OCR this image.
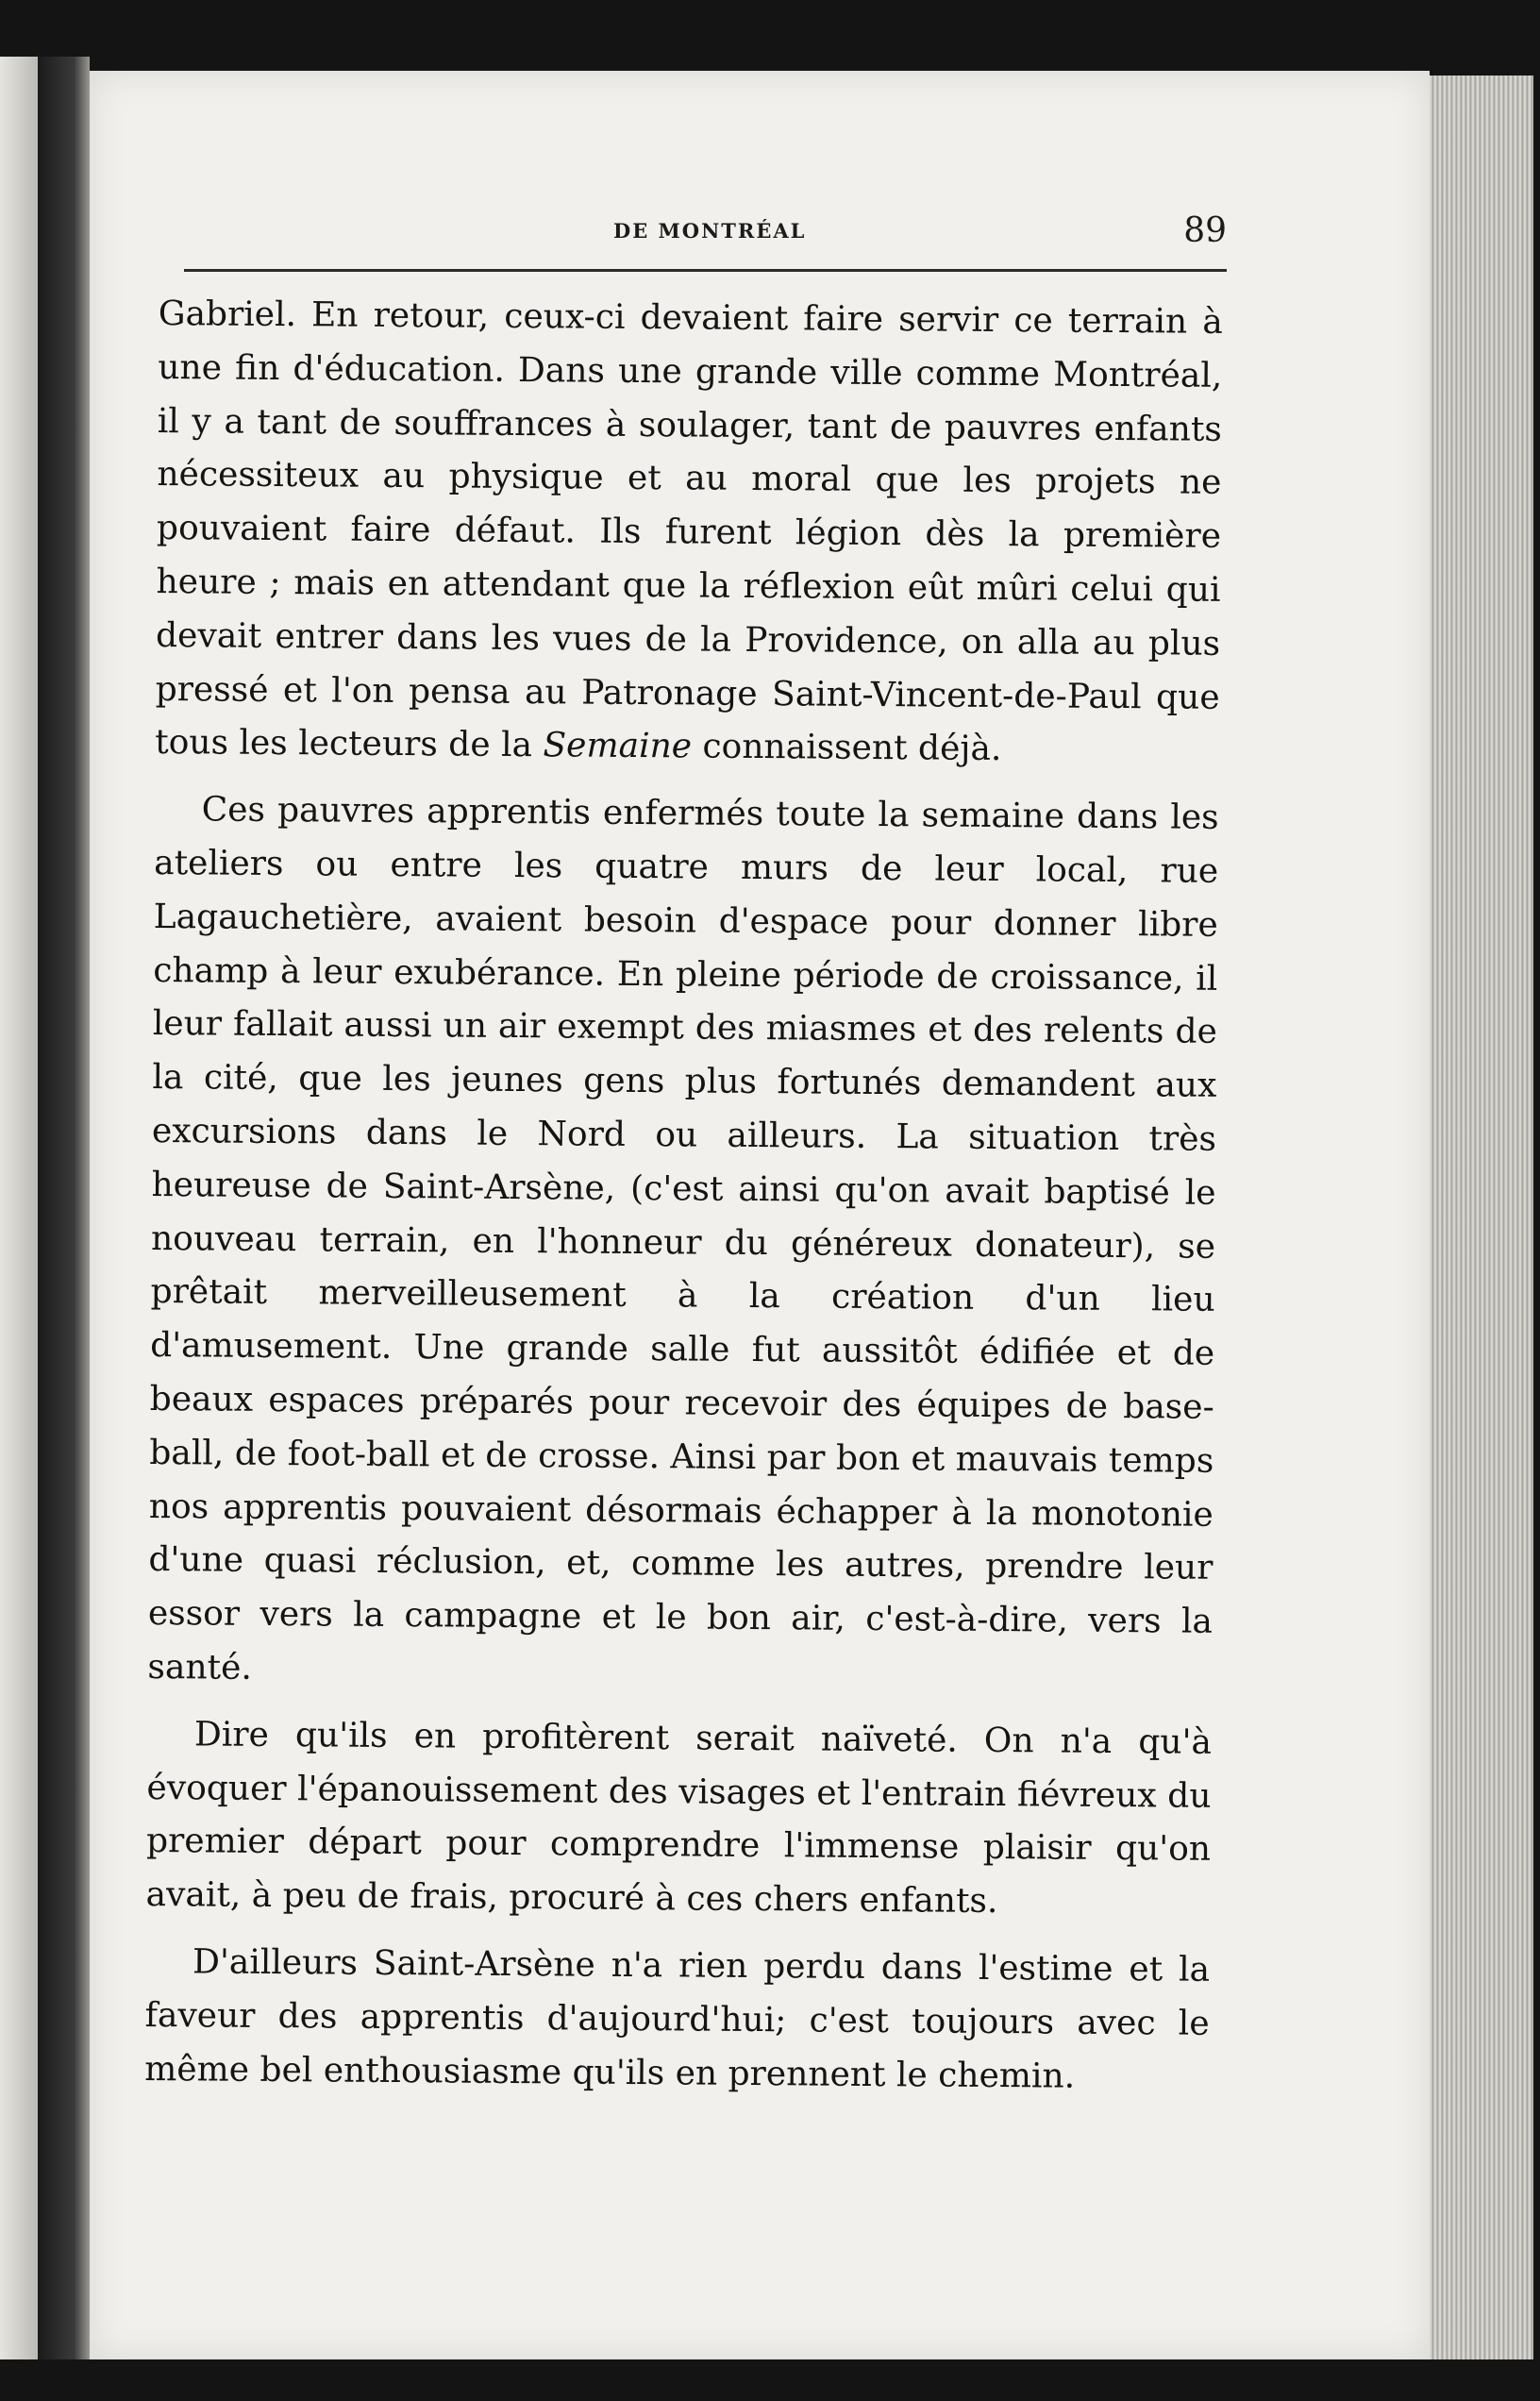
DE MONTRÉAL	89

Gabriel. En retour, ceux-ci devaient faire servir ce terrain à une fin d'éducation. Dans une grande ville comme Montréal, il y a tant de souffrances à soulager, tant de pauvres enfants nécessiteux au physique et au moral que les projets ne pouvaient faire défaut. Ils furent légion dès la première heure ; mais en attendant que la réflexion eût mûri celui qui devait entrer dans les vues de la Providence, on alla au plus pressé et l'on pensa au Patronage Saint-Vincent-de-Paul que tous les lecteurs de la Semaine connaissent déjà.

Ces pauvres apprentis enfermés toute la semaine dans les ateliers ou entre les quatre murs de leur local, rue Lagauchetière, avaient besoin d'espace pour donner libre champ à leur exubérance. En pleine période de croissance, il leur fallait aussi un air exempt des miasmes et des relents de la cité, que les jeunes gens plus fortunés demandent aux excursions dans le Nord ou ailleurs. La situation très heureuse de Saint-Arsène, (c'est ainsi qu'on avait baptisé le nouveau terrain, en l'honneur du généreux donateur), se prêtait merveilleusement à la création d'un lieu d'amusement. Une grande salle fut aussitôt édifiée et de beaux espaces préparés pour recevoir des équipes de base-ball, de foot-ball et de crosse. Ainsi par bon et mauvais temps nos apprentis pouvaient désormais échapper à la monotonie d'une quasi réclusion, et, comme les autres, prendre leur essor vers la campagne et le bon air, c'est-à-dire, vers la santé.

Dire qu'ils en profitèrent serait naïveté. On n'a qu'à évoquer l'épanouissement des visages et l'entrain fiévreux du premier départ pour comprendre l'immense plaisir qu'on avait, à peu de frais, procuré à ces chers enfants.

D'ailleurs Saint-Arsène n'a rien perdu dans l'estime et la faveur des apprentis d'aujourd'hui; c'est toujours avec le même bel enthousiasme qu'ils en prennent le chemin.
